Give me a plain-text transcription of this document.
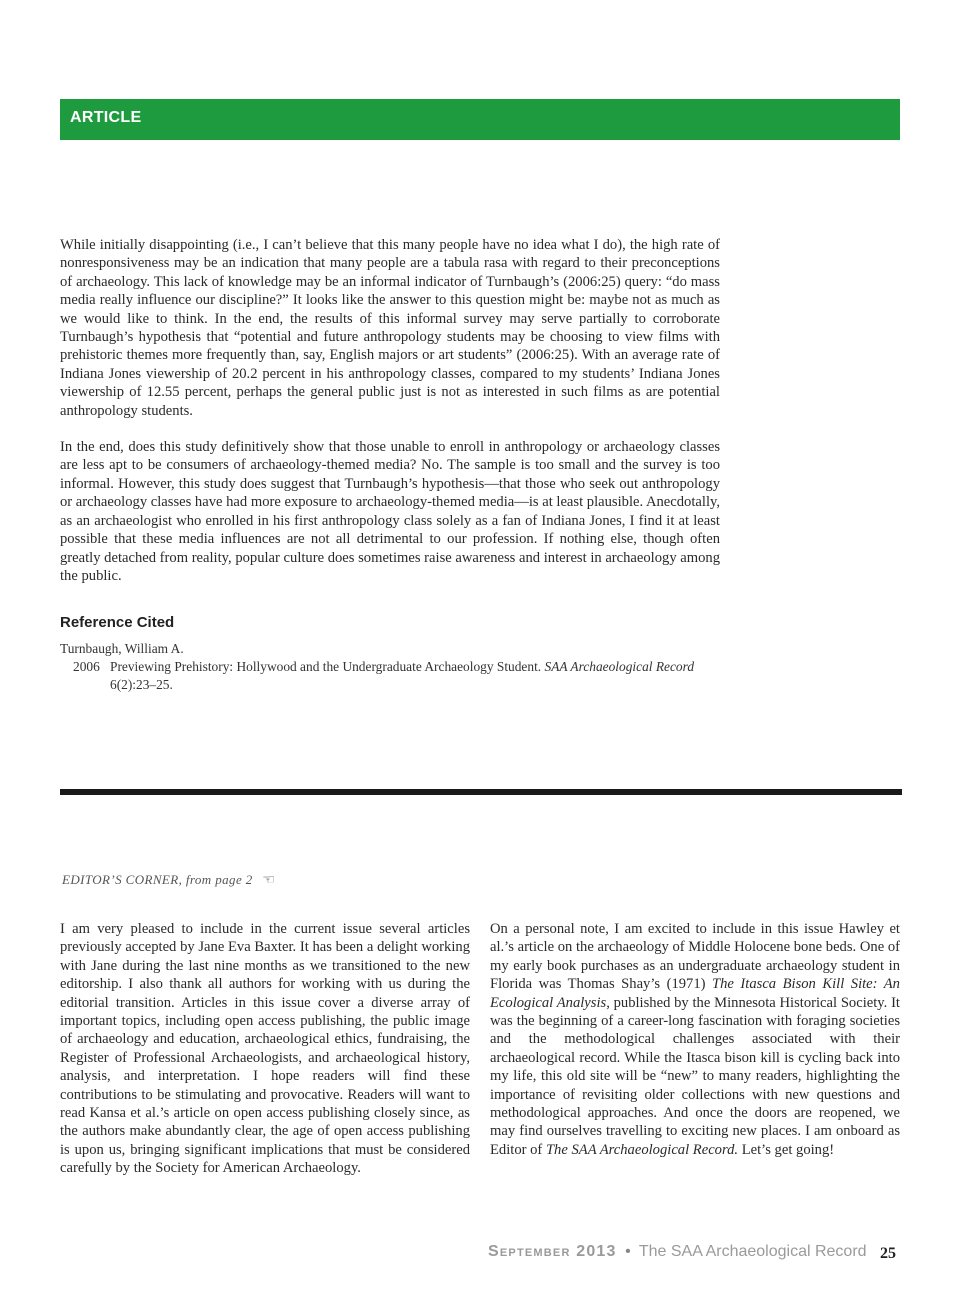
ARTICLE

While initially disappointing (i.e., I can’t believe that this many people have no idea what I do), the high rate of nonresponsiveness may be an indication that many people are a tabula rasa with regard to their preconceptions of archaeology. This lack of knowledge may be an informal indicator of Turnbaugh’s (2006:25) query: “do mass media really influence our discipline?” It looks like the answer to this question might be: maybe not as much as we would like to think. In the end, the results of this informal survey may serve partially to corroborate Turnbaugh’s hypothesis that “potential and future anthropology students may be choosing to view films with prehistoric themes more frequently than, say, English majors or art students” (2006:25). With an average rate of Indiana Jones viewership of 20.2 percent in his anthropology classes, compared to my students’ Indiana Jones viewership of 12.55 percent, perhaps the general public just is not as interested in such films as are potential anthropology students.

In the end, does this study definitively show that those unable to enroll in anthropology or archaeology classes are less apt to be consumers of archaeology-themed media? No. The sample is too small and the survey is too informal. However, this study does suggest that Turnbaugh’s hypothesis—that those who seek out anthropology or archaeology classes have had more exposure to archaeology-themed media—is at least plausible. Anecdotally, as an archaeologist who enrolled in his first anthropology class solely as a fan of Indiana Jones, I find it at least possible that these media influences are not all detrimental to our profession. If nothing else, though often greatly detached from reality, popular culture does sometimes raise awareness and interest in archaeology among the public.

Reference Cited
Turnbaugh, William A.
2006 Previewing Prehistory: Hollywood and the Undergraduate Archaeology Student. SAA Archaeological Record
6(2):23–25.
EDITOR’S CORNER, from page 2 ☜

I am very pleased to include in the current issue several articles previously accepted by Jane Eva Baxter. It has been a delight working with Jane during the last nine months as we transitioned to the new editorship. I also thank all authors for working with us during the editorial transition. Articles in this issue cover a diverse array of important topics, including open access publishing, the public image of archaeology and education, archaeological ethics, fundraising, the Register of Professional Archaeologists, and archaeological history, analysis, and interpretation. I hope readers will find these contributions to be stimulating and provocative. Readers will want to read Kansa et al.’s article on open access publishing closely since, as the authors make abundantly clear, the age of open access publishing is upon us, bringing significant implications that must be considered carefully by the Society for American Archaeology.

On a personal note, I am excited to include in this issue Hawley et al.’s article on the archaeology of Middle Holocene bone beds. One of my early book purchases as an undergraduate archaeology student in Florida was Thomas Shay’s (1971) The Itasca Bison Kill Site: An Ecological Analysis, published by the Minnesota Historical Society. It was the beginning of a career-long fascination with foraging societies and the methodological challenges associated with their archaeological record. While the Itasca bison kill is cycling back into my life, this old site will be “new” to many readers, highlighting the importance of revisiting older collections with new questions and methodological approaches. And once the doors are reopened, we may find ourselves travelling to exciting new places. I am onboard as Editor of The SAA Archaeological Record. Let’s get going!

September 2013 • The SAA Archaeological Record 25
